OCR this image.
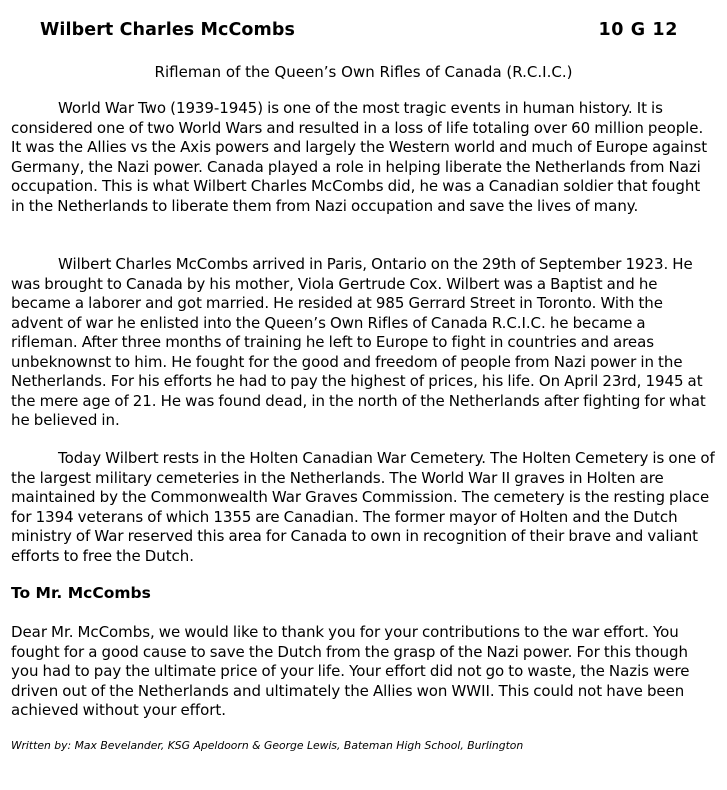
Wilbert Charles McCombs	10 G 12
Rifleman of the Queen’s Own Rifles of Canada (R.C.I.C.)

World War Two (1939-1945) is one of the most tragic events in human history. It is considered one of two World Wars and resulted in a loss of life totaling over 60 million people. It was the Allies vs the Axis powers and largely the Western world and much of Europe against Germany, the Nazi power. Canada played a role in helping liberate the Netherlands from Nazi occupation. This is what Wilbert Charles McCombs did, he was a Canadian soldier that fought in the Netherlands to liberate them from Nazi occupation and save the lives of many.

Wilbert Charles McCombs arrived in Paris, Ontario on the 29th of September 1923. He was brought to Canada by his mother, Viola Gertrude Cox. Wilbert was a Baptist and he became a laborer and got married. He resided at 985 Gerrard Street in Toronto. With the advent of war he enlisted into the Queen’s Own Rifles of Canada R.C.I.C. he became a rifleman. After three months of training he left to Europe to fight in countries and areas unbeknownst to him. He fought for the good and freedom of people from Nazi power in the Netherlands. For his efforts he had to pay the highest of prices, his life. On April 23rd, 1945 at the mere age of 21. He was found dead, in the north of the Netherlands after fighting for what he believed in.

Today Wilbert rests in the Holten Canadian War Cemetery. The Holten Cemetery is one of the largest military cemeteries in the Netherlands. The World War II graves in Holten are maintained by the Commonwealth War Graves Commission. The cemetery is the resting place for 1394 veterans of which 1355 are Canadian. The former mayor of Holten and the Dutch ministry of War reserved this area for Canada to own in recognition of their brave and valiant efforts to free the Dutch.

To Mr. McCombs

Dear Mr. McCombs, we would like to thank you for your contributions to the war effort. You fought for a good cause to save the Dutch from the grasp of the Nazi power. For this though you had to pay the ultimate price of your life. Your effort did not go to waste, the Nazis were driven out of the Netherlands and ultimately the Allies won WWII. This could not have been achieved without your effort.

Written by: Max Bevelander, KSG Apeldoorn & George Lewis, Bateman High School, Burlington
